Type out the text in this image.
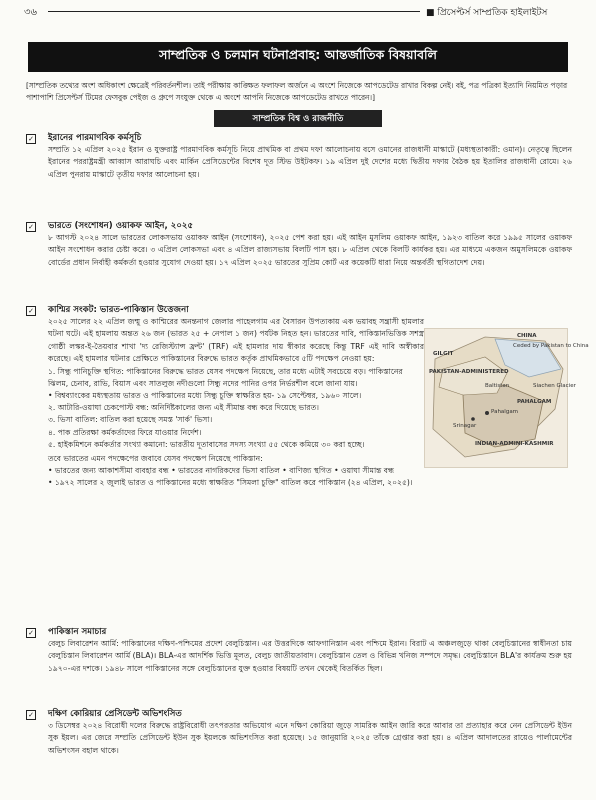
৩৬	■ প্রিসেপ্টর্স সাম্প্রতিক হাইলাইটস
সাম্প্রতিক ও চলমান ঘটনাপ্রবাহ: আন্তর্জাতিক বিষয়াবলি
[সাম্প্রতিক তথ্যের অংশ অধিকাংশ ক্ষেত্রেই পরিবর্তনশীল। তাই পরীক্ষায় কাঙ্ক্ষিত ফলাফল অর্জনে এ অংশে নিজেকে আপডেটেড রাখার বিকল্প নেই। বই, পত্র পত্রিকা ইত্যাদি নিয়মিত পড়ার পাশাপাশি প্রিসেপ্টর্স টিমের ফেসবুক পেইজ ও গ্রুপে সংযুক্ত থেকে এ অংশে আপনি নিজেকে আপডেটেড রাখতে পারেন।]
সাম্প্রতিক বিশ্ব ও রাজনীতি
✓ ইরানের পারমাণবিক কর্মসূচি
সম্প্রতি ১২ এপ্রিল ২০২৫ ইরান ও যুক্তরাষ্ট্র পারমাণবিক কর্মসূচি নিয়ে প্রাথমিক বা প্রথম দফা আলোচনায় বসে ওমানের রাজধানী মাস্কাটে (মধ্যস্থতাকারী: ওমান)। নেতৃত্বে ছিলেন ইরানের পররাষ্ট্রমন্ত্রী আব্বাস আরাঘচি এবং মার্কিন প্রেসিডেন্টের বিশেষ দূত স্টিভ উইটকফ। ১৯ এপ্রিল দুই দেশের মধ্যে দ্বিতীয় দফায় বৈঠক হয় ইতালির রাজধানী রোমে। ২৬ এপ্রিল পুনরায় মাস্কাটে তৃতীয় দফার আলোচনা হয়।
✓ ভারতে (সংশোধন) ওয়াকফ আইন, ২০২৫
৮ আগস্ট ২০২৪ সালে ভারতের লোকসভায় ওয়াকফ আইন (সংশোধন), ২০২৫ পেশ করা হয়। এই আইন মুসলিম ওয়াকফ আইন, ১৯২৩ বাতিল করে ১৯৯৫ সালের ওয়াকফ আইন সংশোধন করার চেষ্টা করে। ৩ এপ্রিল লোকসভা এবং ৪ এপ্রিল রাজ্যসভায় বিলটি পাস হয়। ৮ এপ্রিল থেকে বিলটি কার্যকর হয়। এর মাধ্যমে একজন অমুসলিমকে ওয়াকফ বোর্ডের প্রধান নির্বাহী কর্মকর্তা হওয়ার সুযোগ দেওয়া হয়। ১৭ এপ্রিল ২০২৫ ভারতের সুপ্রিম কোর্ট এর কয়েকটি ধারা নিয়ে অন্তর্বর্তী স্থগিতাদেশ দেয়।
✓ কাশ্মির সংকট: ভারত-পাকিস্তান উত্তেজনা
২০২৫ সালের ২২ এপ্রিল জম্মু ও কাশ্মিরের অনন্তনাগ জেলার পাহেলগাম এর বৈসারন উপত্যকায় এক ভয়াবহ সন্ত্রাসী হামলার ঘটনা ঘটে। এই হামলায় অন্তত ২৬ জন (ভারত ২৫ + নেপাল ১ জন) পর্যটক নিহত হন। ভারতের দাবি, পাকিস্তানভিত্তিক সশস্ত্র গোষ্ঠী লস্কর-ই-তৈয়বার শাখা 'দ্য রেজিস্ট্যান্স ফ্রন্ট' (TRF) এই হামলার দায় স্বীকার করেছে কিন্তু TRF এই দাবি অস্বীকার করেছে। এই হামলার ঘটনার প্রেক্ষিতে পাকিস্তানের বিরুদ্ধে ভারত কর্তৃক প্রাথমিকভাবে ৫টি পদক্ষেপ নেওয়া হয়:
১. সিন্ধু পানিচুক্তি স্থগিত: পাকিস্তানের বিরুদ্ধে ভারত যেসব পদক্ষেপ নিয়েছে, তার মধ্যে এটাই সবচেয়ে বড়। পাকিস্তানের ঝিলম, চেনাব, রাভি, বিয়াস এবং সাতলুজ নদীগুলো সিন্ধু নদের পানির ওপর নির্ভরশীল বলে জানা যায়।
• বিশ্বব্যাংকের মধ্যস্থতায় ভারত ও পাকিস্তানের মধ্যে সিন্ধু চুক্তি স্বাক্ষরিত হয়- ১৯ সেপ্টেম্বর, ১৯৬০ সালে।
২. আটারি-ওয়াঘা চেকপোস্ট বন্ধ: অনির্দিষ্টকালের জন্য এই সীমান্ত বন্ধ করে দিয়েছে ভারত।
৩. ভিসা বাতিল: বাতিল করা হয়েছে সমস্ত 'সার্ক' ভিসা।
৪. পাক প্রতিরক্ষা কর্মকর্তাদের ফিরে যাওয়ার নির্দেশ।
৫. হাইকমিশনে কর্মকর্তার সংখ্যা কমানো: ভারতীয় দূতাবাসের সদস্য সংখ্যা ৫৫ থেকে কমিয়ে ৩০ করা হচ্ছে।
তবে ভারতের এমন পদক্ষেপের জবাবে যেসব পদক্ষেপ নিয়েছে পাকিস্তান:
• ভারতের জন্য আকাশসীমা ব্যবহার বন্ধ • ভারতের নাগরিকদের ভিসা বাতিল • বাণিজ্য স্থগিত • ওয়াঘা সীমান্ত বন্ধ
• ১৯৭২ সালের ২ জুলাই ভারত ও পাকিস্তানের মধ্যে স্বাক্ষরিত "সিমলা চুক্তি" বাতিল করে পাকিস্তান (২৪ এপ্রিল, ২০২৫)।
CHINA
Ceded by Pakistan to China
GILGIT
PAKISTAN-ADMINISTERED
Siachen Glacier
Baltistan
PAHALGAM
Pahalgam
Srinagar
INDIAN-ADMINI-KASHMIR
✓ পাকিস্তান সমাচার
বেলুচ লিবারেশন আর্মি: পাকিস্তানের দক্ষিণ-পশ্চিমের প্রদেশ বেলুচিস্তান। এর উত্তরদিকে আফগানিস্তান এবং পশ্চিমে ইরান। বিরাট এ অঞ্চলজুড়ে থাকা বেলুচিস্তানের স্বাধীনতা চায় বেলুচিস্তান লিবারেশন আর্মি (BLA)। BLA-এর আদর্শিক ভিত্তি মূলত, বেলুচ জাতীয়তাবাদ। বেলুচিস্তান তেল ও বিভিন্ন খনিজ সম্পদে সমৃদ্ধ। বেলুচিস্তানে BLA'র কার্যক্রম শুরু হয় ১৯৭০-এর দশকে। ১৯৪৮ সালে পাকিস্তানের সঙ্গে বেলুচিস্তানের যুক্ত হওয়ার বিষয়টি তখন থেকেই বিতর্কিত ছিল।
✓ দক্ষিণ কোরিয়ার প্রেসিডেন্ট অভিশংসিত
৩ ডিসেম্বর ২০২৪ বিরোধী দলের বিরুদ্ধে রাষ্ট্রবিরোধী তৎপরতার অভিযোগ এনে দক্ষিণ কোরিয়া জুড়ে সামরিক আইন জারি করে আবার তা প্রত্যাহার করে নেন প্রেসিডেন্ট ইউন সুক ইয়ল। এর জেরে সম্প্রতি প্রেসিডেন্ট ইউন সুক ইয়লকে অভিশংসিত করা হয়েছে। ১৫ জানুয়ারি ২০২৫ তাঁকে গ্রেপ্তার করা হয়। ৪ এপ্রিল আদালতের রায়েও পার্লামেন্টের অভিশংসন বহাল থাকে।
